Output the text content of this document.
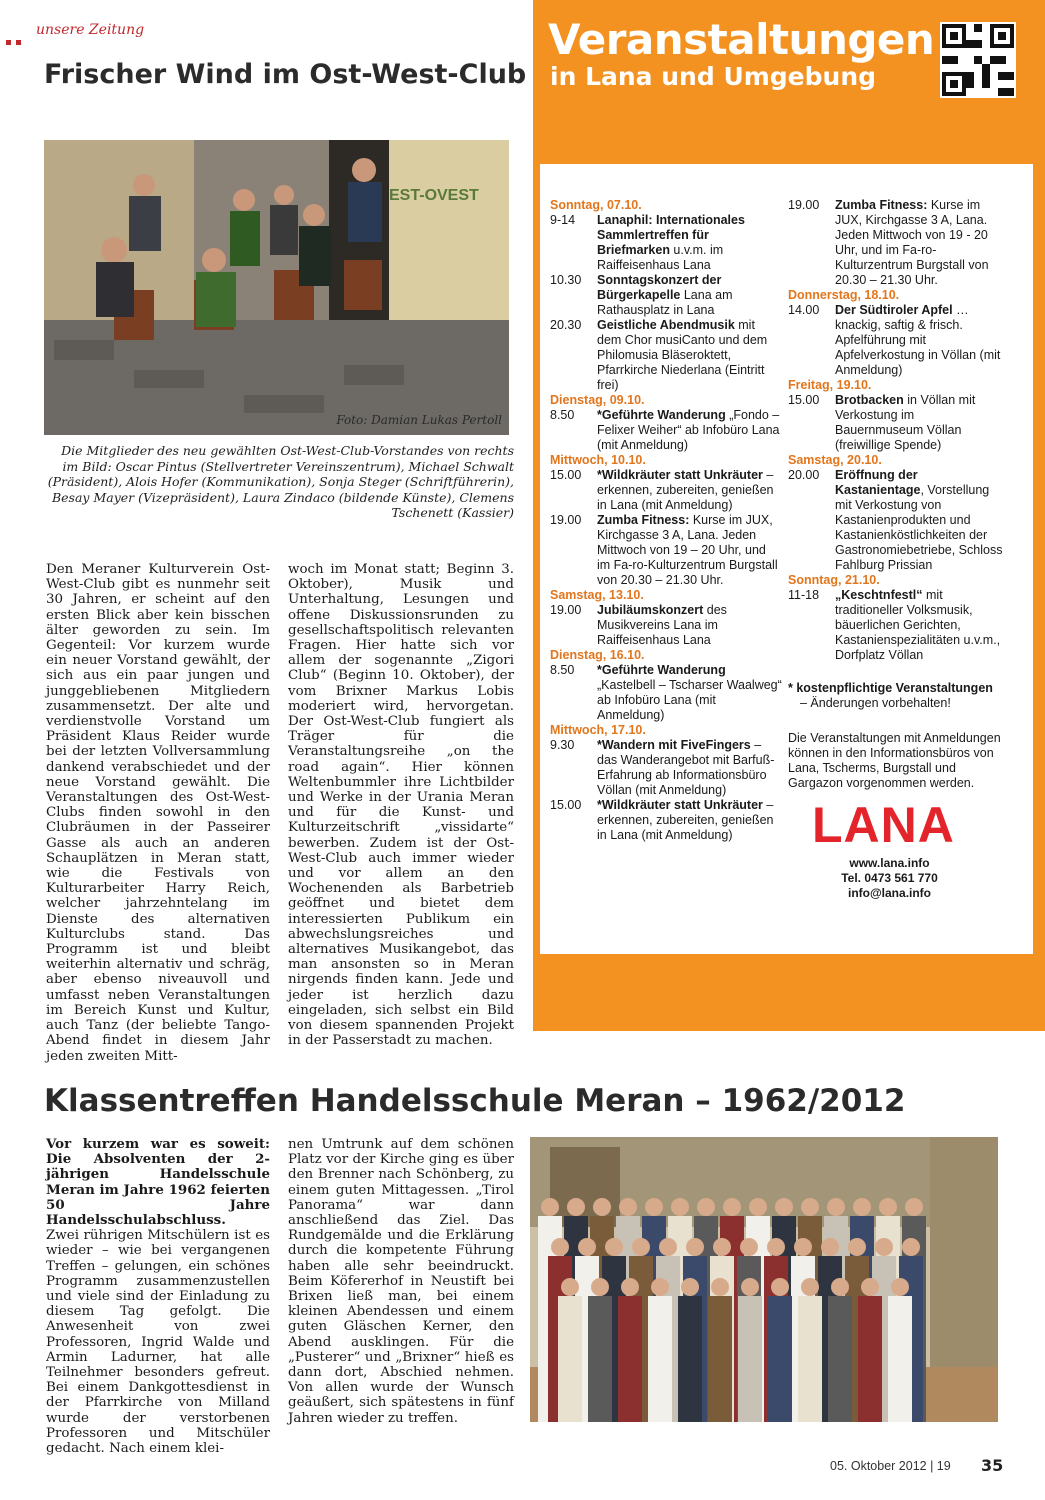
unsere Zeitung
Frischer Wind im Ost-West-Club
EST-OVEST
Foto: Damian Lukas Pertoll
Die Mitglieder des neu gewählten Ost-West-Club-Vorstandes von rechts im Bild: Oscar Pintus (Stellvertreter Vereinszentrum), Michael Schwalt (Präsident), Alois Hofer (Kommunikation), Sonja Steger (Schriftführerin), Besay Mayer (Vizepräsident), Laura Zindaco (bildende Künste), Clemens Tschenett (Kassier)
Den Meraner Kulturverein Ost-West-Club gibt es nunmehr seit 30 Jahren, er scheint auf den ersten Blick aber kein bisschen älter geworden zu sein. Im Gegenteil: Vor kurzem wurde ein neuer Vorstand gewählt, der sich aus ein paar jungen und junggebliebenen Mitgliedern zusammensetzt. Der alte und verdienstvolle Vorstand um Präsident Klaus Reider wurde bei der letzten Vollversammlung dankend verabschiedet und der neue Vorstand gewählt. Die Veranstaltungen des Ost-West-Clubs finden sowohl in den Clubräumen in der Passeirer Gasse als auch an anderen Schauplätzen in Meran statt, wie die Festivals von Kulturarbeiter Harry Reich, welcher jahrzehntelang im Dienste des alternativen Kulturclubs stand. Das Programm ist und bleibt weiterhin alternativ und schräg, aber ebenso niveauvoll und umfasst neben Veranstaltungen im Bereich Kunst und Kultur, auch Tanz (der beliebte Tango-Abend findet in diesem Jahr jeden zweiten Mitt-
woch im Monat statt; Beginn 3. Oktober), Musik und Unterhaltung, Lesungen und offene Diskussionsrunden zu gesellschaftspolitisch relevanten Fragen. Hier hatte sich vor allem der sogenannte „Zigori Club“ (Beginn 10. Oktober), der vom Brixner Markus Lobis moderiert wird, hervorgetan. Der Ost-West-Club fungiert als Träger für die Veranstaltungsreihe „on the road again“. Hier können Weltenbummler ihre Lichtbilder und Werke in der Urania Meran und für die Kunst- und Kulturzeitschrift „vissidarte“ bewerben. Zudem ist der Ost-West-Club auch immer wieder und vor allem an den Wochenenden als Barbetrieb geöffnet und bietet dem interessierten Publikum ein abwechslungsreiches und alternatives Musikangebot, das man ansonsten so in Meran nirgends finden kann. Jede und jeder ist herzlich dazu eingeladen, sich selbst ein Bild von diesem spannenden Projekt in der Passerstadt zu machen.
Veranstaltungen
in Lana und Umgebung
Sonntag, 07.10.
9-14	Lanaphil: Internationales Sammlertreffen für Briefmarken u.v.m. im Raiffeisenhaus Lana
10.30	Sonntagskonzert der Bürgerkapelle Lana am Rathausplatz in Lana
20.30	Geistliche Abendmusik mit dem Chor musiCanto und dem Philomusia Bläseroktett, Pfarrkirche Niederlana (Eintritt frei)
Dienstag, 09.10.
8.50	*Geführte Wanderung „Fondo – Felixer Weiher“ ab Infobüro Lana (mit Anmeldung)
Mittwoch, 10.10.
15.00	*Wildkräuter statt Unkräuter – erkennen, zubereiten, genießen in Lana (mit Anmeldung)
19.00	Zumba Fitness: Kurse im JUX, Kirchgasse 3 A, Lana. Jeden Mittwoch von 19 – 20 Uhr, und im Fa-ro-Kulturzentrum Burgstall von 20.30 – 21.30 Uhr.
Samstag, 13.10.
19.00	Jubiläumskonzert des Musikvereins Lana im Raiffeisenhaus Lana
Dienstag, 16.10.
8.50	*Geführte Wanderung „Kastelbell – Tscharser Waalweg“ ab Infobüro Lana (mit Anmeldung)
Mittwoch, 17.10.
9.30	*Wandern mit FiveFingers – das Wanderangebot mit Barfuß-Erfahrung ab Informationsbüro Völlan (mit Anmeldung)
15.00	*Wildkräuter statt Unkräuter – erkennen, zubereiten, genießen in Lana (mit Anmeldung)
19.00	Zumba Fitness: Kurse im JUX, Kirchgasse 3 A, Lana. Jeden Mittwoch von 19 - 20 Uhr, und im Fa-ro-Kulturzentrum Burgstall von 20.30 – 21.30 Uhr.
Donnerstag, 18.10.
14.00	Der Südtiroler Apfel … knackig, saftig & frisch. Apfelführung mit Apfelverkostung in Völlan (mit Anmeldung)
Freitag, 19.10.
15.00	Brotbacken in Völlan mit Verkostung im Bauernmuseum Völlan (freiwillige Spende)
Samstag, 20.10.
20.00	Eröffnung der Kastanientage, Vorstellung mit Verkostung von Kastanienprodukten und Kastanienköstlichkeiten der Gastronomiebetriebe, Schloss Fahlburg Prissian
Sonntag, 21.10.
11-18	„Keschtnfestl“ mit traditioneller Volksmusik, bäuerlichen Gerichten, Kastanienspezialitäten u.v.m., Dorfplatz Völlan
* kostenpflichtige Veranstaltungen
– Änderungen vorbehalten!
Die Veranstaltungen mit Anmeldungen können in den Informationsbüros von Lana, Tscherms, Burgstall und Gargazon vorgenommen werden.
LANA
www.lana.info
Tel. 0473 561 770
info@lana.info
Klassentreffen Handelsschule Meran – 1962/2012
Vor kurzem war es soweit: Die Absolventen der 2-jährigen Handelsschule Meran im Jahre 1962 feierten 50 Jahre Handelsschulabschluss.
Zwei rührigen Mitschülern ist es wieder – wie bei vergangenen Treffen – gelungen, ein schönes Programm zusammenzustellen und viele sind der Einladung zu diesem Tag gefolgt. Die Anwesenheit von zwei Professoren, Ingrid Walde und Armin Ladurner, hat alle Teilnehmer besonders gefreut. Bei einem Dankgottesdienst in der Pfarrkirche von Milland wurde der verstorbenen Professoren und Mitschüler gedacht. Nach einem klei-
nen Umtrunk auf dem schönen Platz vor der Kirche ging es über den Brenner nach Schönberg, zu einem guten Mittagessen. „Tirol Panorama“ war dann anschließend das Ziel. Das Rundgemälde und die Erklärung durch die kompetente Führung haben alle sehr beeindruckt. Beim Köfererhof in Neustift bei Brixen ließ man, bei einem kleinen Abendessen und einem guten Gläschen Kerner, den Abend ausklingen. Für die „Pusterer“ und „Brixner“ hieß es dann dort, Abschied nehmen. Von allen wurde der Wunsch geäußert, sich spätestens in fünf Jahren wieder zu treffen.
05. Oktober 2012 | 19 35
